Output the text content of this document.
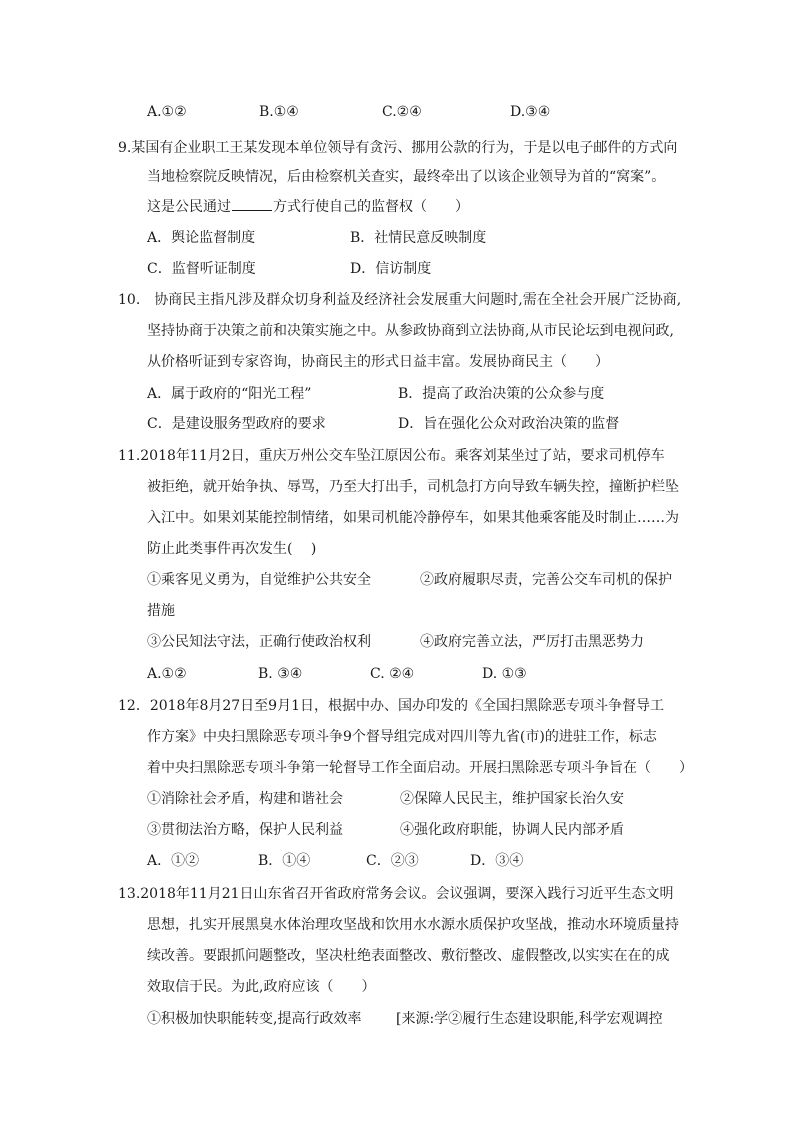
A.①②	B.①④	C.②④	D.③④
9.某国有企业职工王某发现本单位领导有贪污、挪用公款的行为，于是以电子邮件的方式向
当地检察院反映情况，后由检察机关查实，最终牵出了以该企业领导为首的“窝案”。
这是公民通过	方式行使自己的监督权（　　）
A．舆论监督制度	B．社情民意反映制度
C．监督听证制度	D．信访制度
10.　协商民主指凡涉及群众切身利益及经济社会发展重大问题时,需在全社会开展广泛协商,
坚持协商于决策之前和决策实施之中。从参政协商到立法协商,从市民论坛到电视问政,
从价格听证到专家咨询，协商民主的形式日益丰富。发展协商民主（　　）
A．属于政府的“阳光工程”	B．提高了政治决策的公众参与度
C．是建设服务型政府的要求	D．旨在强化公众对政治决策的监督
11.2018年11月2日，重庆万州公交车坠江原因公布。乘客刘某坐过了站，要求司机停车
被拒绝，就开始争执、辱骂，乃至大打出手，司机急打方向导致车辆失控，撞断护栏坠
入江中。如果刘某能控制情绪，如果司机能冷静停车，如果其他乘客能及时制止……为
防止此类事件再次发生(　 )
①乘客见义勇为，自觉维护公共安全	②政府履职尽责，完善公交车司机的保护
措施
③公民知法守法，正确行使政治权利	④政府完善立法，严厉打击黑恶势力
A.①②	B. ③④	C. ②④	D. ①③
12．2018年8月27日至9月1日，根据中办、国办印发的《全国扫黑除恶专项斗争督导工
作方案》中央扫黑除恶专项斗争9个督导组完成对四川等九省(市)的进驻工作，标志
着中央扫黑除恶专项斗争第一轮督导工作全面启动。开展扫黑除恶专项斗争旨在（　　）
①消除社会矛盾，构建和谐社会	②保障人民民主，维护国家长治久安
③贯彻法治方略，保护人民利益	④强化政府职能，协调人民内部矛盾
A．①②	B．①④	C．②③	D．③④
13.2018年11月21日山东省召开省政府常务会议。会议强调，要深入践行习近平生态文明
思想，扎实开展黑臭水体治理攻坚战和饮用水水源水质保护攻坚战，推动水环境质量持
续改善。要跟抓问题整改，坚决杜绝表面整改、敷衍整改、虚假整改,以实实在在的成
效取信于民。为此,政府应该（　　）
①积极加快职能转变,提高行政效率 [来源:学②履行生态建设职能,科学宏观调控
